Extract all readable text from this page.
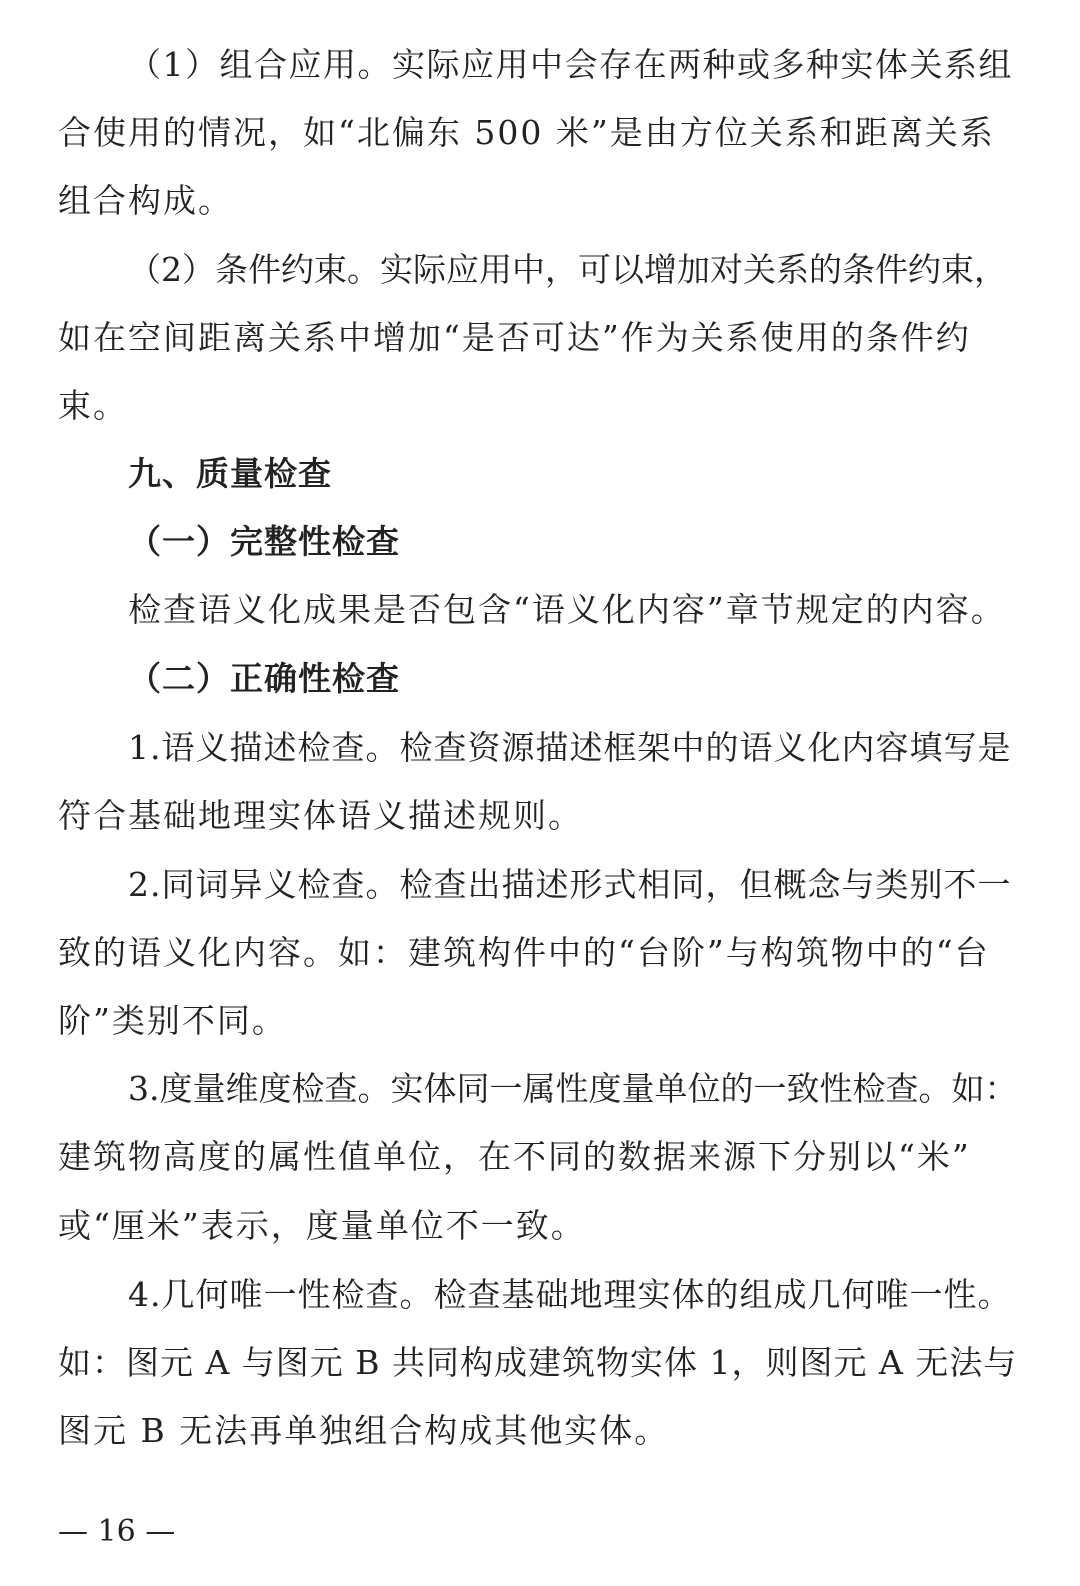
（1）组合应用。实际应用中会存在两种或多种实体关系组
合使用的情况，如“北偏东 500 米”是由方位关系和距离关系
组合构成。
（2）条件约束。实际应用中，可以增加对关系的条件约束，
如在空间距离关系中增加“是否可达”作为关系使用的条件约
束。
九、质量检查
（一）完整性检查
检查语义化成果是否包含“语义化内容”章节规定的内容。
（二）正确性检查
1.语义描述检查。检查资源描述框架中的语义化内容填写是
符合基础地理实体语义描述规则。
2.同词异义检查。检查出描述形式相同，但概念与类别不一
致的语义化内容。如：建筑构件中的“台阶”与构筑物中的“台
阶”类别不同。
3.度量维度检查。实体同一属性度量单位的一致性检查。如：
建筑物高度的属性值单位，在不同的数据来源下分别以“米”
或“厘米”表示，度量单位不一致。
4.几何唯一性检查。检查基础地理实体的组成几何唯一性。
如：图元 A 与图元 B 共同构成建筑物实体 1，则图元 A 无法与
图元 B 无法再单独组合构成其他实体。
— 16 —
